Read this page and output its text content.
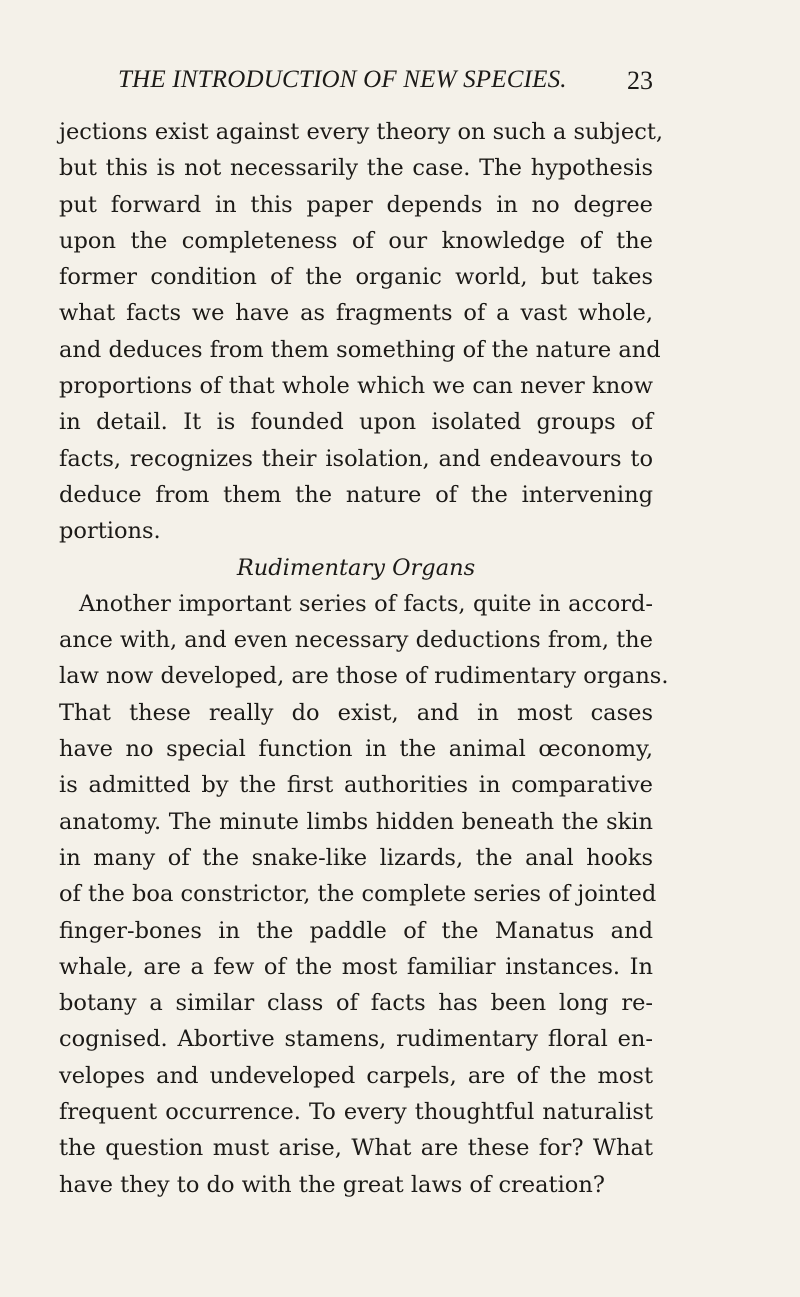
THE INTRODUCTION OF NEW SPECIES. 23
jections exist against every theory on such a subject,
but this is not necessarily the case. The hypothesis
put forward in this paper depends in no degree
upon the completeness of our knowledge of the
former condition of the organic world, but takes
what facts we have as fragments of a vast whole,
and deduces from them something of the nature and
proportions of that whole which we can never know
in detail. It is founded upon isolated groups of
facts, recognizes their isolation, and endeavours to
deduce from them the nature of the intervening
portions.
Rudimentary Organs
Another important series of facts, quite in accord-
ance with, and even necessary deductions from, the
law now developed, are those of rudimentary organs.
That these really do exist, and in most cases
have no special function in the animal œconomy,
is admitted by the first authorities in comparative
anatomy. The minute limbs hidden beneath the skin
in many of the snake-like lizards, the anal hooks
of the boa constrictor, the complete series of jointed
finger-bones in the paddle of the Manatus and
whale, are a few of the most familiar instances. In
botany a similar class of facts has been long re-
cognised. Abortive stamens, rudimentary floral en-
velopes and undeveloped carpels, are of the most
frequent occurrence. To every thoughtful naturalist
the question must arise, What are these for? What
have they to do with the great laws of creation?
